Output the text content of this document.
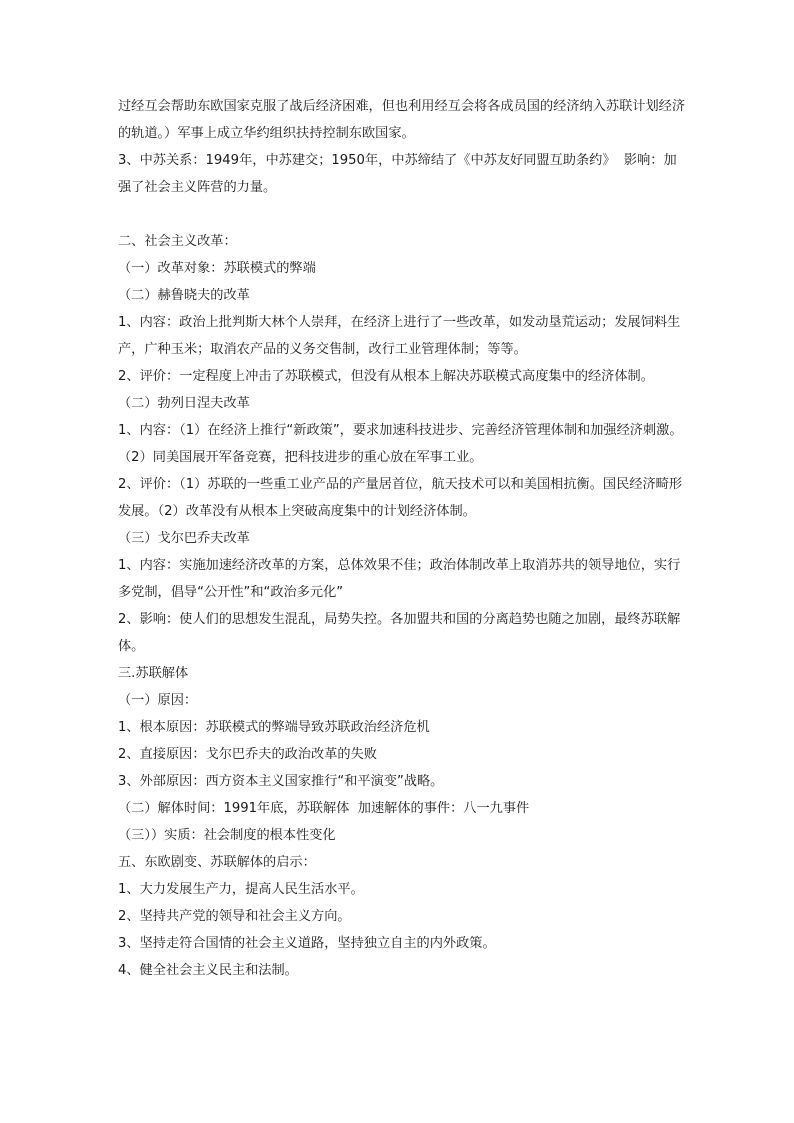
过经互会帮助东欧国家克服了战后经济困难，但也利用经互会将各成员国的经济纳入苏联计划经济的轨道。）军事上成立华约组织扶持控制东欧国家。

3、中苏关系：1949年，中苏建交；1950年，中苏缔结了《中苏友好同盟互助条约》  影响：加强了社会主义阵营的力量。

二、社会主义改革：

（一）改革对象：苏联模式的弊端

（二）赫鲁晓夫的改革

1、内容：政治上批判斯大林个人崇拜，在经济上进行了一些改革，如发动垦荒运动；发展饲料生产，广种玉米；取消农产品的义务交售制，改行工业管理体制；等等。

2、评价：一定程度上冲击了苏联模式，但没有从根本上解决苏联模式高度集中的经济体制。

（二）勃列日涅夫改革

1、内容：（1）在经济上推行“新政策”，要求加速科技进步、完善经济管理体制和加强经济刺激。（2）同美国展开军备竞赛，把科技进步的重心放在军事工业。

2、评价：（1）苏联的一些重工业产品的产量居首位，航天技术可以和美国相抗衡。国民经济畸形发展。（2）改革没有从根本上突破高度集中的计划经济体制。

（三）戈尔巴乔夫改革

1、内容：实施加速经济改革的方案，总体效果不佳；政治体制改革上取消苏共的领导地位，实行多党制，倡导“公开性”和“政治多元化”

2、影响：使人们的思想发生混乱，局势失控。各加盟共和国的分离趋势也随之加剧，最终苏联解体。

三.苏联解体

（一）原因：

1、根本原因：苏联模式的弊端导致苏联政治经济危机

2、直接原因：戈尔巴乔夫的政治改革的失败

3、外部原因：西方资本主义国家推行“和平演变”战略。

（二）解体时间：1991年底，苏联解体  加速解体的事件：八一九事件

（三））实质：社会制度的根本性变化

五、东欧剧变、苏联解体的启示：

1、大力发展生产力，提高人民生活水平。

2、坚持共产党的领导和社会主义方向。

3、坚持走符合国情的社会主义道路，坚持独立自主的内外政策。

4、健全社会主义民主和法制。
